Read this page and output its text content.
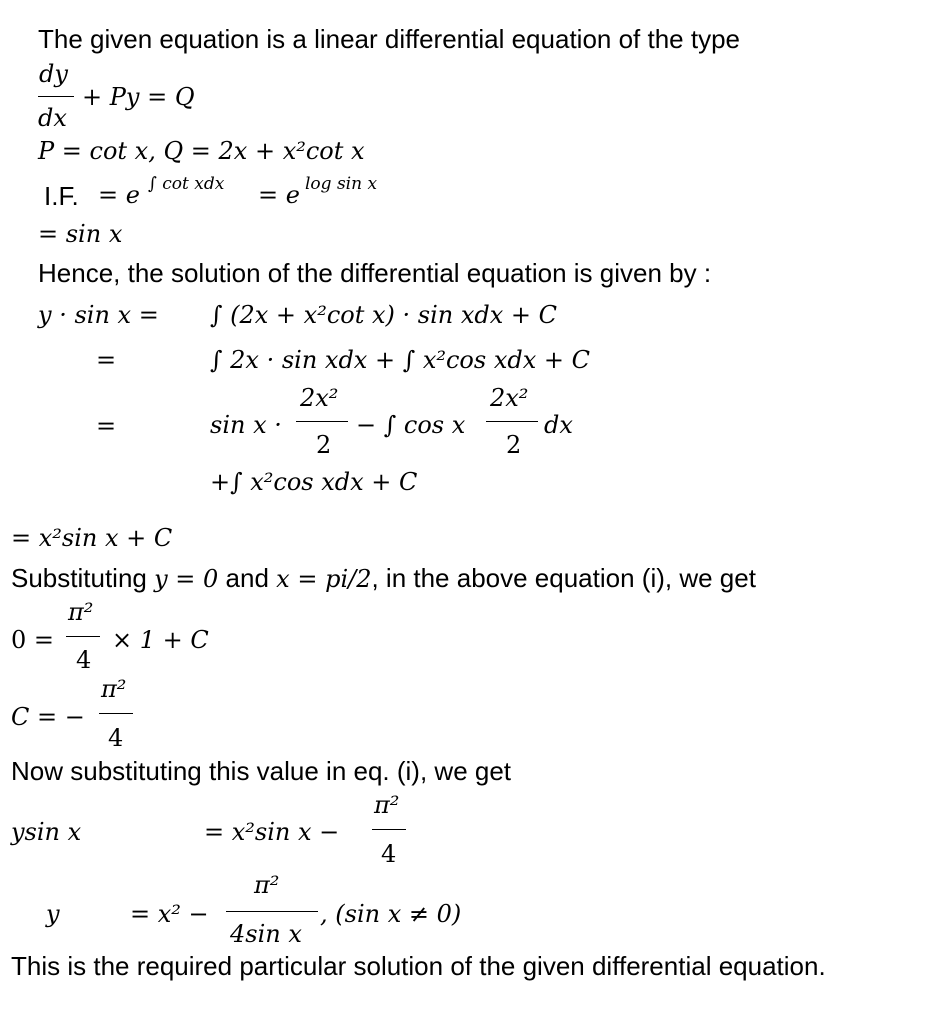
The given equation is a linear differential equation of the type
dy
dx
+ Py = Q
P = cot x, Q = 2x + x²cot x
I.F. = e ∫ cot xdx = e log sin x
= sin x
Hence, the solution of the differential equation is given by :
y · sin x = ∫ (2x + x²cot x) · sin xdx + C
=	∫ 2x · sin xdx + ∫ x²cos xdx + C
=	sin x ·
2x²
2
− ∫ cos x
2x²
2
dx
+∫ x²cos xdx + C
= x²sin x + C
Substituting y = 0 and x = pi/2, in the above equation (i), we get
0 =
π²
4
× 1 + C
C = −
π²
4
Now substituting this value in eq. (i), we get
ysin x	= x²sin x −
π²
4
y	= x² −
π²
4sin x
, (sin x ≠ 0)
This is the required particular solution of the given differential equation.
